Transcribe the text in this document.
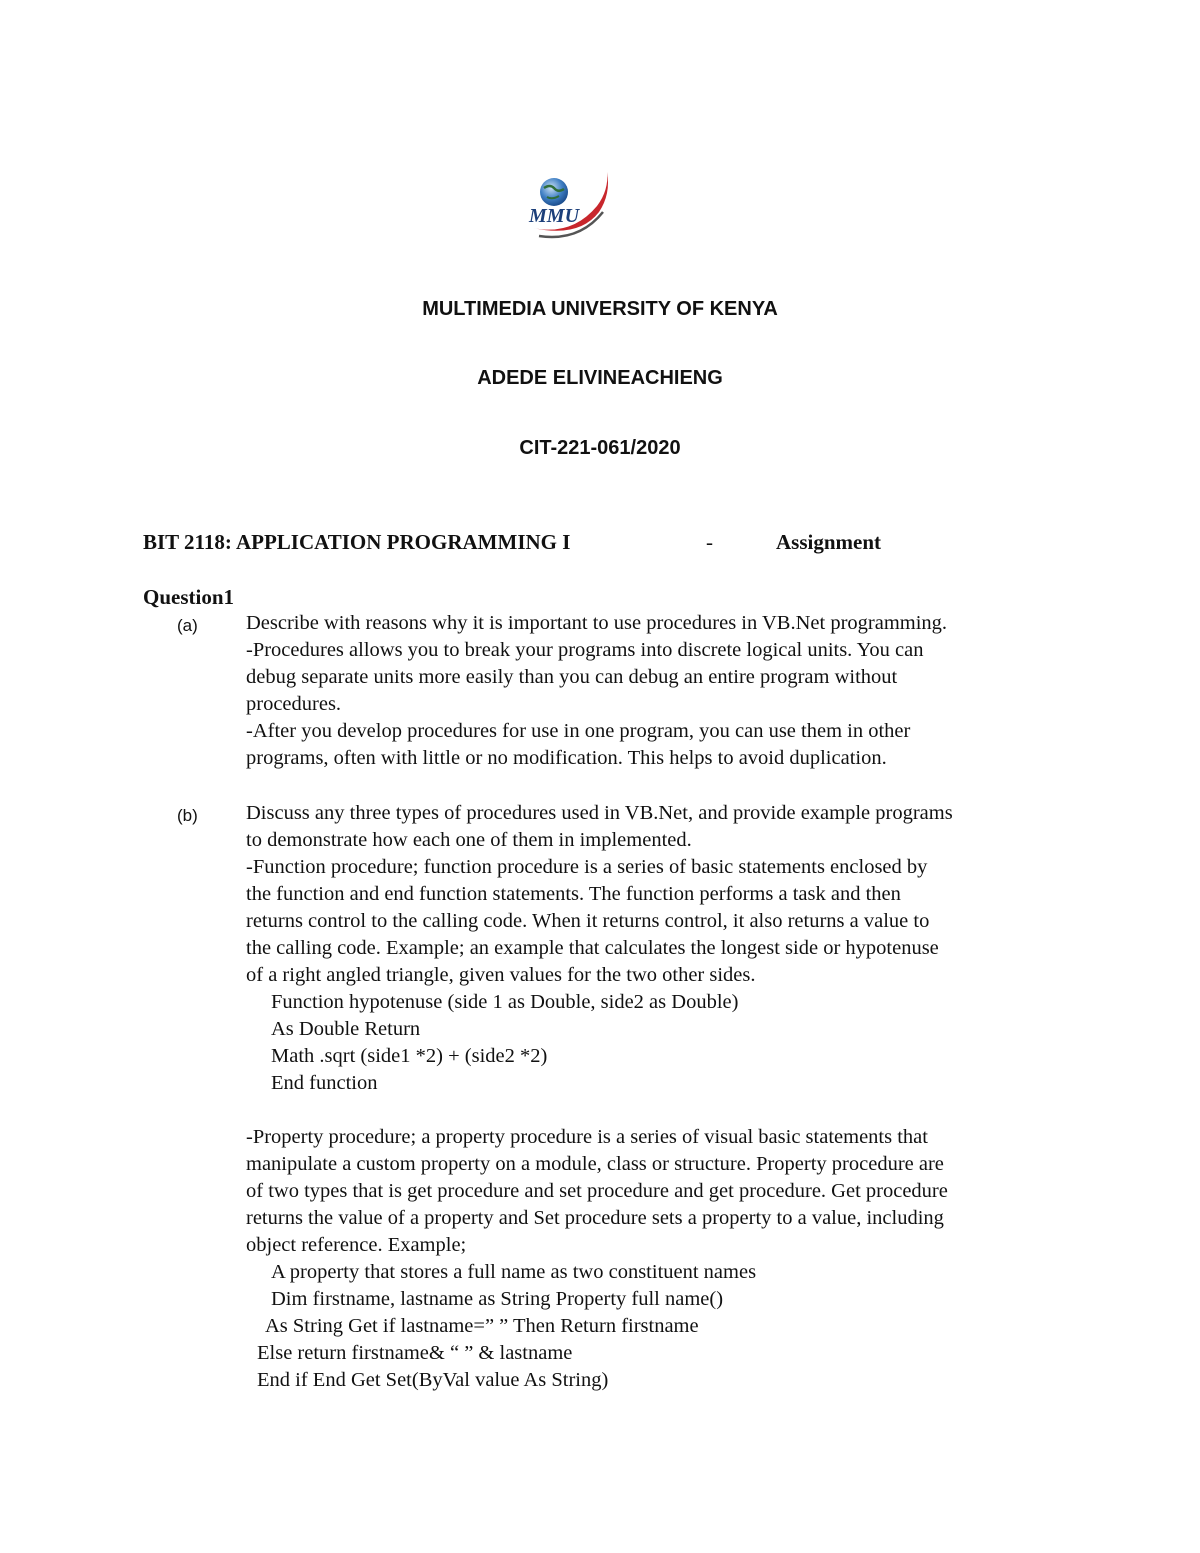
MMU
MULTIMEDIA UNIVERSITY OF KENYA
ADEDE ELIVINEACHIENG
CIT-221-061/2020
BIT 2118: APPLICATION PROGRAMMING I	-	Assignment
Question1
(a) Describe with reasons why it is important to use procedures in VB.Net programming.
-Procedures allows you to break your programs into discrete logical units. You can
debug separate units more easily than you can debug an entire program without
procedures.
-After you develop procedures for use in one program, you can use them in other
programs, often with little or no modification. This helps to avoid duplication.
(b) Discuss any three types of procedures used in VB.Net, and provide example programs
to demonstrate how each one of them in implemented.
-Function procedure; function procedure is a series of basic statements enclosed by
the function and end function statements. The function performs a task and then
returns control to the calling code. When it returns control, it also returns a value to
the calling code. Example; an example that calculates the longest side or hypotenuse
of a right angled triangle, given values for the two other sides.
Function hypotenuse (side 1 as Double, side2 as Double)
As Double Return
Math .sqrt (side1 *2) + (side2 *2)
End function
-Property procedure; a property procedure is a series of visual basic statements that
manipulate a custom property on a module, class or structure. Property procedure are
of two types that is get procedure and set procedure and get procedure. Get procedure
returns the value of a property and Set procedure sets a property to a value, including
object reference. Example;
A property that stores a full name as two constituent names
Dim firstname, lastname as String Property full name()
As String Get if lastname=” ” Then Return firstname
Else return firstname& “ ” & lastname
End if End Get Set(ByVal value As String)
